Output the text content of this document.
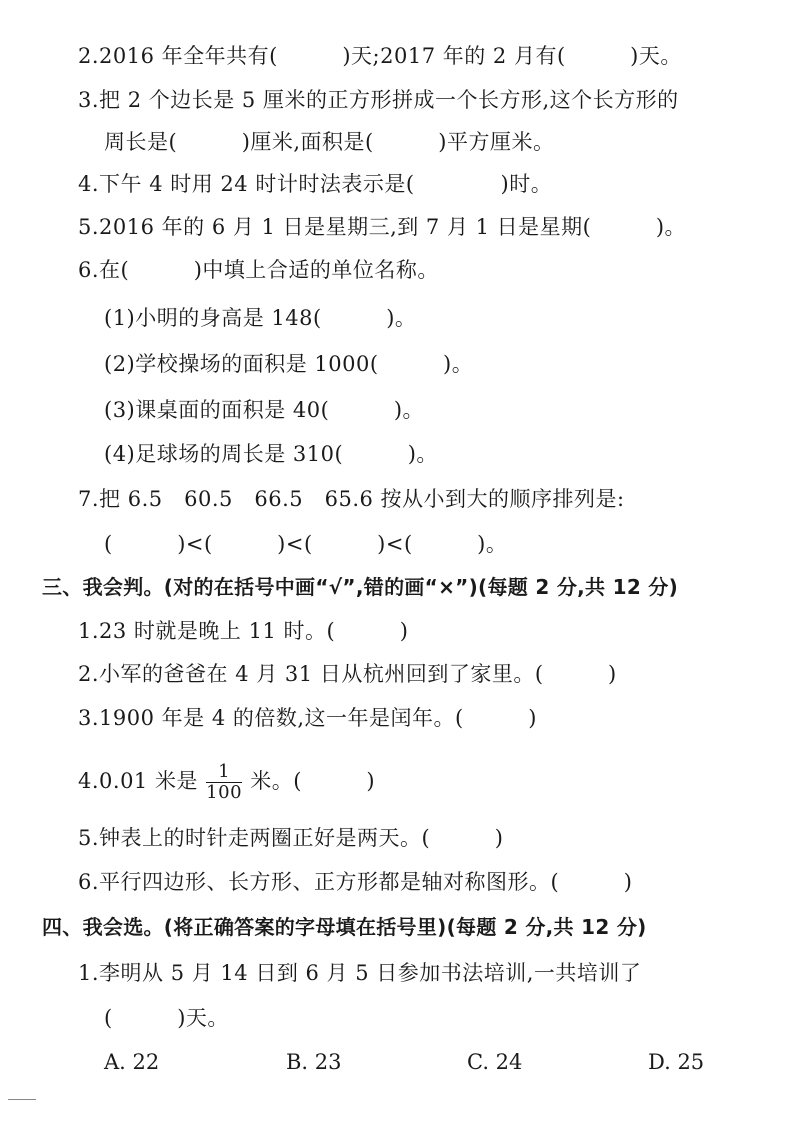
2.2016 年全年共有(　　　)天;2017 年的 2 月有(　　　)天。
3.把 2 个边长是 5 厘米的正方形拼成一个长方形,这个长方形的
周长是(　　　)厘米,面积是(　　　)平方厘米。
4.下午 4 时用 24 时计时法表示是(　　　　)时。
5.2016 年的 6 月 1 日是星期三,到 7 月 1 日是星期(　　　)。
6.在(　　　)中填上合适的单位名称。
(1)小明的身高是 148(　　　)。
(2)学校操场的面积是 1000(　　　)。
(3)课桌面的面积是 40(　　　)。
(4)足球场的周长是 310(　　　)。
7.把 6.5　60.5　66.5　65.6 按从小到大的顺序排列是:
(　　　)<(　　　)<(　　　)<(　　　)。
三、我会判。(对的在括号中画“√”,错的画“×”)(每题 2 分,共 12 分)
1.23 时就是晚上 11 时。(　　　)
2.小军的爸爸在 4 月 31 日从杭州回到了家里。(　　　)
3.1900 年是 4 的倍数,这一年是闰年。(　　　)
4.0.01 米是 $\frac{1}{100}$ 米。(　　　)
5.钟表上的时针走两圈正好是两天。(　　　)
6.平行四边形、长方形、正方形都是轴对称图形。(　　　)
四、我会选。(将正确答案的字母填在括号里)(每题 2 分,共 12 分)
1.李明从 5 月 14 日到 6 月 5 日参加书法培训,一共培训了
(　　　)天。
A. 22	B. 23	C. 24	D. 25
